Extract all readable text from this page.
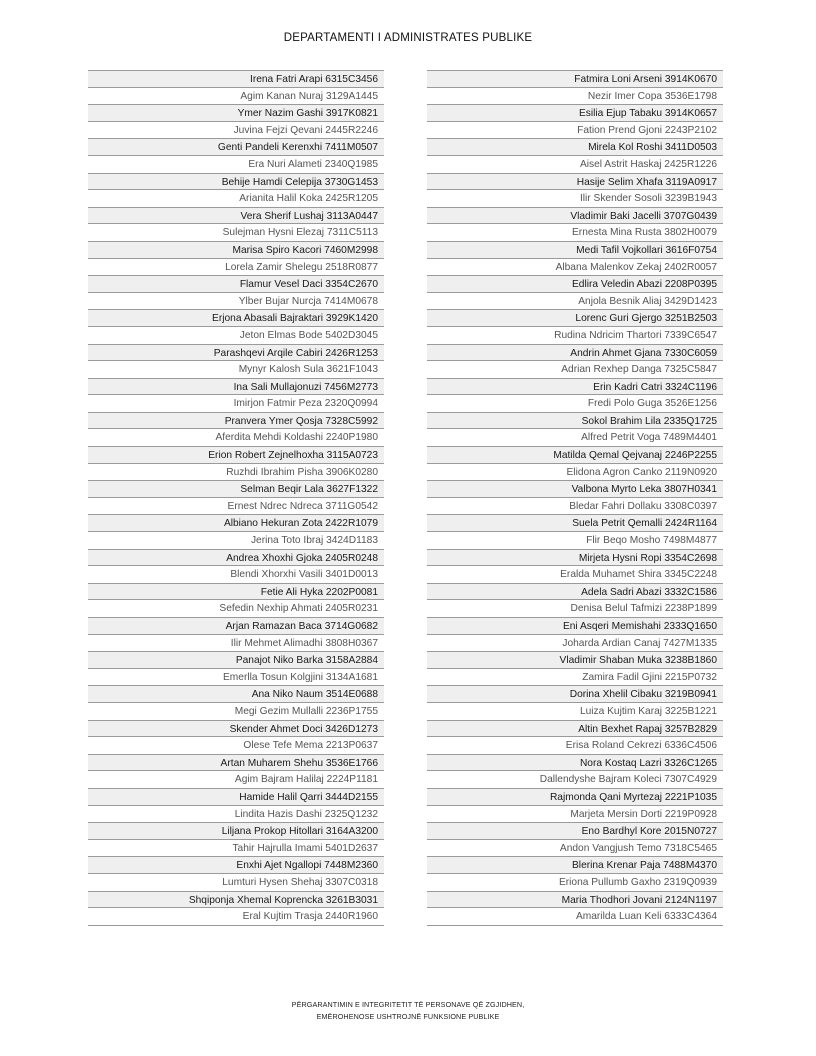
DEPARTAMENTI I ADMINISTRATES PUBLIKE
Irena Fatri Arapi 6315C3456
Agim Kanan Nuraj 3129A1445
Ymer Nazim Gashi 3917K0821
Juvina Fejzi Qevani 2445R2246
Genti Pandeli Kerenxhi 7411M0507
Era Nuri Alameti 2340Q1985
Behije Hamdi Celepija 3730G1453
Arianita Halil Koka 2425R1205
Vera Sherif Lushaj 3113A0447
Sulejman Hysni Elezaj 7311C5113
Marisa Spiro Kacori 7460M2998
Lorela Zamir Shelegu 2518R0877
Flamur Vesel Daci 3354C2670
Ylber Bujar Nurcja 7414M0678
Erjona Abasali Bajraktari 3929K1420
Jeton Elmas Bode 5402D3045
Parashqevi Arqile Cabiri 2426R1253
Mynyr Kalosh Sula 3621F1043
Ina Sali Mullajonuzi 7456M2773
Imirjon Fatmir Peza 2320Q0994
Pranvera Ymer Qosja 7328C5992
Aferdita Mehdi Koldashi 2240P1980
Erion Robert Zejnelhoxha 3115A0723
Ruzhdi Ibrahim Pisha 3906K0280
Selman Beqir Lala 3627F1322
Ernest Ndrec Ndreca 3711G0542
Albiano Hekuran Zota 2422R1079
Jerina Toto Ibraj 3424D1183
Andrea Xhoxhi Gjoka 2405R0248
Blendi Xhorxhi Vasili 3401D0013
Fetie Ali Hyka 2202P0081
Sefedin Nexhip Ahmati 2405R0231
Arjan Ramazan Baca 3714G0682
Ilir Mehmet Alimadhi 3808H0367
Panajot Niko Barka 3158A2884
Emerlla Tosun Kolgjini 3134A1681
Ana Niko Naum 3514E0688
Megi Gezim Mullalli 2236P1755
Skender Ahmet Doci 3426D1273
Olese Tefe Mema 2213P0637
Artan Muharem Shehu 3536E1766
Agim Bajram Halilaj 2224P1181
Hamide Halil Qarri 3444D2155
Lindita Hazis Dashi 2325Q1232
Liljana Prokop Hitollari 3164A3200
Tahir Hajrulla Imami 5401D2637
Enxhi Ajet Ngallopi 7448M2360
Lumturi Hysen Shehaj 3307C0318
Shqiponja Xhemal Koprencka 3261B3031
Eral Kujtim Trasja 2440R1960
Fatmira Loni Arseni 3914K0670
Nezir Imer Copa 3536E1798
Esilia Ejup Tabaku 3914K0657
Fation Prend Gjoni 2243P2102
Mirela Kol Roshi 3411D0503
Aisel Astrit Haskaj 2425R1226
Hasije Selim Xhafa 3119A0917
Ilir Skender Sosoli 3239B1943
Vladimir Baki Jacelli 3707G0439
Ernesta Mina Rusta 3802H0079
Medi Tafil Vojkollari 3616F0754
Albana Malenkov Zekaj 2402R0057
Edlira Veledin Abazi 2208P0395
Anjola Besnik Aliaj 3429D1423
Lorenc Guri Gjergo 3251B2503
Rudina Ndricim Thartori 7339C6547
Andrin Ahmet Gjana 7330C6059
Adrian Rexhep Danga 7325C5847
Erin Kadri Catri 3324C1196
Fredi Polo Guga 3526E1256
Sokol Brahim Lila 2335Q1725
Alfred Petrit Voga 7489M4401
Matilda Qemal Qejvanaj 2246P2255
Elidona Agron Canko 2119N0920
Valbona Myrto Leka 3807H0341
Bledar Fahri Dollaku 3308C0397
Suela Petrit Qemalli 2424R1164
Flir Beqo Mosho 7498M4877
Mirjeta Hysni Ropi 3354C2698
Eralda Muhamet Shira 3345C2248
Adela Sadri Abazi 3332C1586
Denisa Belul Tafmizi 2238P1899
Eni Asqeri Memishahi 2333Q1650
Joharda Ardian Canaj 7427M1335
Vladimir Shaban Muka 3238B1860
Zamira Fadil Gjini 2215P0732
Dorina Xhelil Cibaku 3219B0941
Luiza Kujtim Karaj 3225B1221
Altin Bexhet Rapaj 3257B2829
Erisa Roland Cekrezi 6336C4506
Nora Kostaq Lazri 3326C1265
Dallendyshe Bajram Koleci 7307C4929
Rajmonda Qani Myrtezaj 2221P1035
Marjeta Mersin Dorti 2219P0928
Eno Bardhyl Kore 2015N0727
Andon Vangjush Temo 7318C5465
Blerina Krenar Paja 7488M4370
Eriona Pullumb Gaxho 2319Q0939
Maria Thodhori Jovani 2124N1197
Amarilda Luan Keli 6333C4364
PËRGARANTIMIN E INTEGRITETIT TË PERSONAVE QË ZGJIDHEN,
EMËROHENOSE USHTROJNË FUNKSIONE PUBLIKE
